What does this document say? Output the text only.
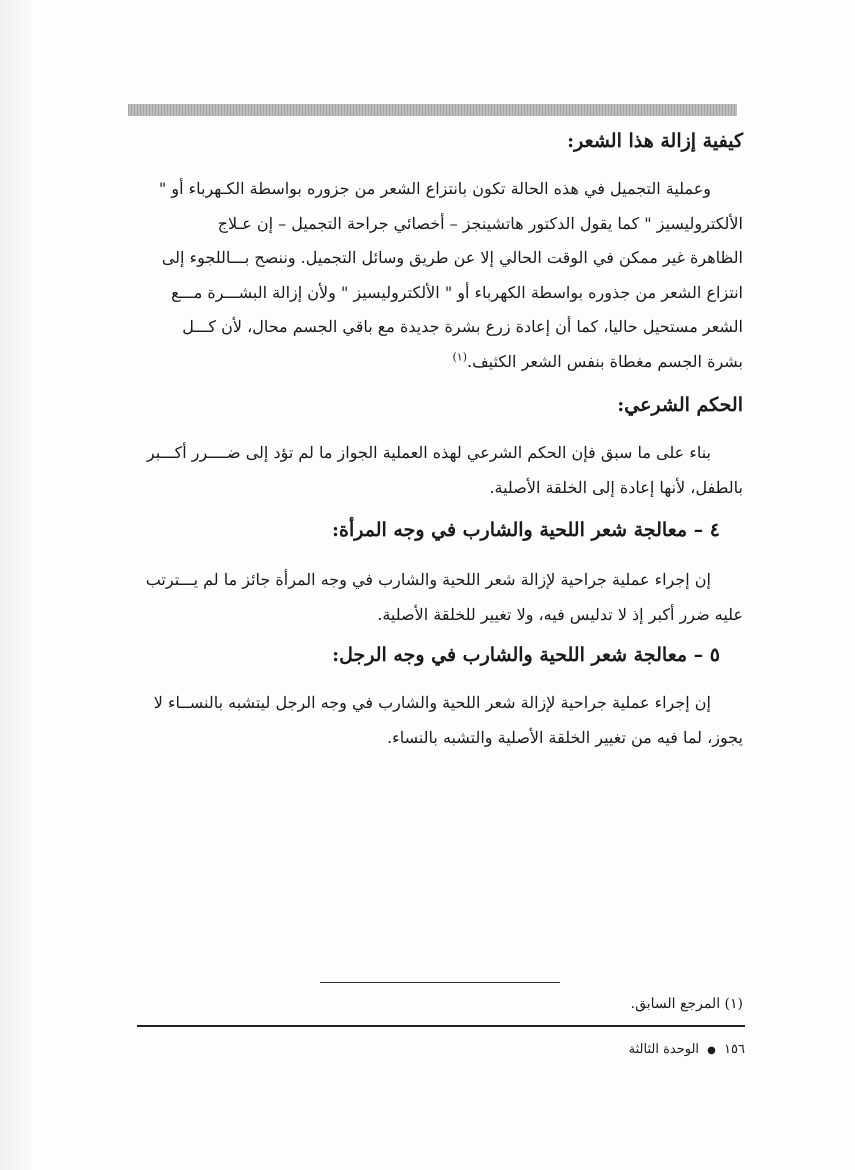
كيفية إزالة هذا الشعر:
وعملية التجميل في هذه الحالة تكون بانتزاع الشعر من جزوره بواسطة الكـهرباء أو "
الألكتروليسيز " كما يقول الدكتور هاتشينجز – أخصائي جراحة التجميل – إن عـلاج
الظاهرة غير ممكن في الوقت الحالي إلا عن طريق وسائل التجميل. وننصح بـــاللجوء إلى
انتزاع الشعر من جذوره بواسطة الكهرباء أو " الألكتروليسيز " ولأن إزالة البشـــرة مـــع
الشعر مستحيل حاليا، كما أن إعادة زرع بشرة جديدة مع باقي الجسم محال، لأن كـــل
بشرة الجسم مغطاة بنفس الشعر الكثيف.$^{(١)}$
الحكم الشرعي:
بناء على ما سبق فإن الحكم الشرعي لهذه العملية الجواز ما لم تؤد إلى ضــــرر أكـــبر
بالطفل، لأنها إعادة إلى الخلقة الأصلية.
٤ – معالجة شعر اللحية والشارب في وجه المرأة:
إن إجراء عملية جراحية لإزالة شعر اللحية والشارب في وجه المرأة جائز ما لم يـــترتب
عليه ضرر أكبر إذ لا تدليس فيه، ولا تغيير للخلقة الأصلية.
٥ – معالجة شعر اللحية والشارب في وجه الرجل:
إن إجراء عملية جراحية لإزالة شعر اللحية والشارب في وجه الرجل ليتشبه بالنســاء لا
يجوز، لما فيه من تغيير الخلقة الأصلية والتشبه بالنساء.
(١) المرجع السابق.
١٥٦ ● الوحدة الثالثة
